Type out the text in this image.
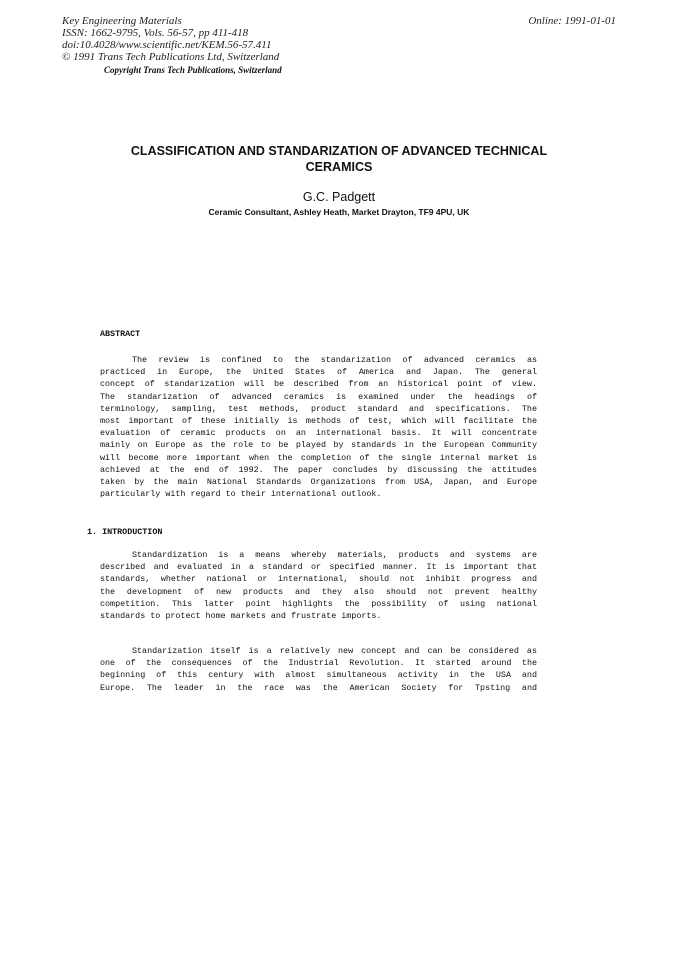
Key Engineering Materials
ISSN: 1662-9795, Vols. 56-57, pp 411-418
doi:10.4028/www.scientific.net/KEM.56-57.411
© 1991 Trans Tech Publications Ltd, Switzerland
Online: 1991-01-01
Copyright Trans Tech Publications, Switzerland
CLASSIFICATION AND STANDARIZATION OF ADVANCED TECHNICAL
CERAMICS
G.C. Padgett
Ceramic Consultant, Ashley Heath, Market Drayton, TF9 4PU, UK
ABSTRACT
The review is confined to the standarization of advanced ceramics as
practiced in Europe, the United States of America and Japan. The general
concept of standarization will be described from an historical point of view.
The standarization of advanced ceramics is examined under the headings of
terminology, sampling, test methods, product standard and specifications. The
most important of these initially is methods of test, which will facilitate the
evaluation of ceramic products on an international basis. It will concentrate
mainly on Europe as the role to be played by standards in the European Community
will become more important when the completion of the single internal market is
achieved at the end of 1992. The paper concludes by discussing the attitudes
taken by the main National Standards Organizations from USA, Japan, and Europe
particularly with regard to their international outlook.
1. INTRODUCTION
Standardization is a means whereby materials, products and systems are
described and evaluated in a standard or specified manner. It is important that
standards, whether national or international, should not inhibit progress and
the development of new products and they also should not prevent healthy
competition. This latter point highlights the possibility of using national
standards to protect home markets and frustrate imports.
Standarization itself is a relatively new concept and can be considered as
one of the consequences of the Industrial Revolution. It started around the
beginning of this century with almost simultaneous activity in the USA and
Europe. The leader in the race was the American Society for Tpsting and
